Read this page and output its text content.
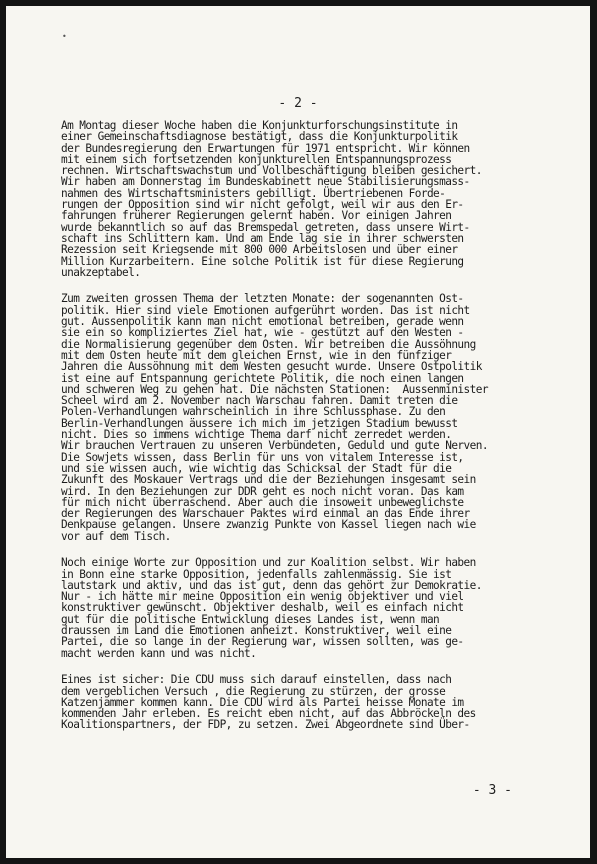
•
- 2 -
Am Montag dieser Woche haben die Konjunkturforschungsinstitute in
einer Gemeinschaftsdiagnose bestätigt, dass die Konjunkturpolitik
der Bundesregierung den Erwartungen für 1971 entspricht. Wir können
mit einem sich fortsetzenden konjunkturellen Entspannungsprozess
rechnen. Wirtschaftswachstum und Vollbeschäftigung bleiben gesichert.
Wir haben am Donnerstag im Bundeskabinett neue Stabilisierungsmass-
nahmen des Wirtschaftsministers gebilligt. Übertriebenen Forde-
rungen der Opposition sind wir nicht gefolgt, weil wir aus den Er-
fahrungen früherer Regierungen gelernt haben. Vor einigen Jahren
wurde bekanntlich so auf das Bremspedal getreten, dass unsere Wirt-
schaft ins Schlittern kam. Und am Ende lag sie in ihrer schwersten
Rezession seit Kriegsende mit 800 000 Arbeitslosen und über einer
Million Kurzarbeitern. Eine solche Politik ist für diese Regierung
unakzeptabel.
Zum zweiten grossen Thema der letzten Monate: der sogenannten Ost-
politik. Hier sind viele Emotionen aufgerührt worden. Das ist nicht
gut. Aussenpolitik kann man nicht emotional betreiben, gerade wenn
sie ein so kompliziertes Ziel hat, wie - gestützt auf den Westen -
die Normalisierung gegenüber dem Osten. Wir betreiben die Aussöhnung
mit dem Osten heute mit dem gleichen Ernst, wie in den fünfziger
Jahren die Aussöhnung mit dem Westen gesucht wurde. Unsere Ostpolitik
ist eine auf Entspannung gerichtete Politik, die noch einen langen
und schweren Weg zu gehen hat. Die nächsten Stationen:  Aussenminister
Scheel wird am 2. November nach Warschau fahren. Damit treten die
Polen-Verhandlungen wahrscheinlich in ihre Schlussphase. Zu den
Berlin-Verhandlungen äussere ich mich im jetzigen Stadium bewusst
nicht. Dies so immens wichtige Thema darf nicht zerredet werden.
Wir brauchen Vertrauen zu unseren Verbündeten, Geduld und gute Nerven.
Die Sowjets wissen, dass Berlin für uns von vitalem Interesse ist,
und sie wissen auch, wie wichtig das Schicksal der Stadt für die
Zukunft des Moskauer Vertrags und die der Beziehungen insgesamt sein
wird. In den Beziehungen zur DDR geht es noch nicht voran. Das kam
für mich nicht überraschend. Aber auch die insoweit unbeweglichste
der Regierungen des Warschauer Paktes wird einmal an das Ende ihrer
Denkpause gelangen. Unsere zwanzig Punkte von Kassel liegen nach wie
vor auf dem Tisch.
Noch einige Worte zur Opposition und zur Koalition selbst. Wir haben
in Bonn eine starke Opposition, jedenfalls zahlenmässig. Sie ist
lautstark und aktiv, und das ist gut, denn das gehört zur Demokratie.
Nur - ich hätte mir meine Opposition ein wenig objektiver und viel
konstruktiver gewünscht. Objektiver deshalb, weil es einfach nicht
gut für die politische Entwicklung dieses Landes ist, wenn man
draussen im Land die Emotionen anheizt. Konstruktiver, weil eine
Partei, die so lange in der Regierung war, wissen sollten, was ge-
macht werden kann und was nicht.
Eines ist sicher: Die CDU muss sich darauf einstellen, dass nach
dem vergeblichen Versuch , die Regierung zu stürzen, der grosse
Katzenjammer kommen kann. Die CDU wird als Partei heisse Monate im
kommenden Jahr erleben. Es reicht eben nicht, auf das Abbröckeln des
Koalitionspartners, der FDP, zu setzen. Zwei Abgeordnete sind Über-
- 3 -
